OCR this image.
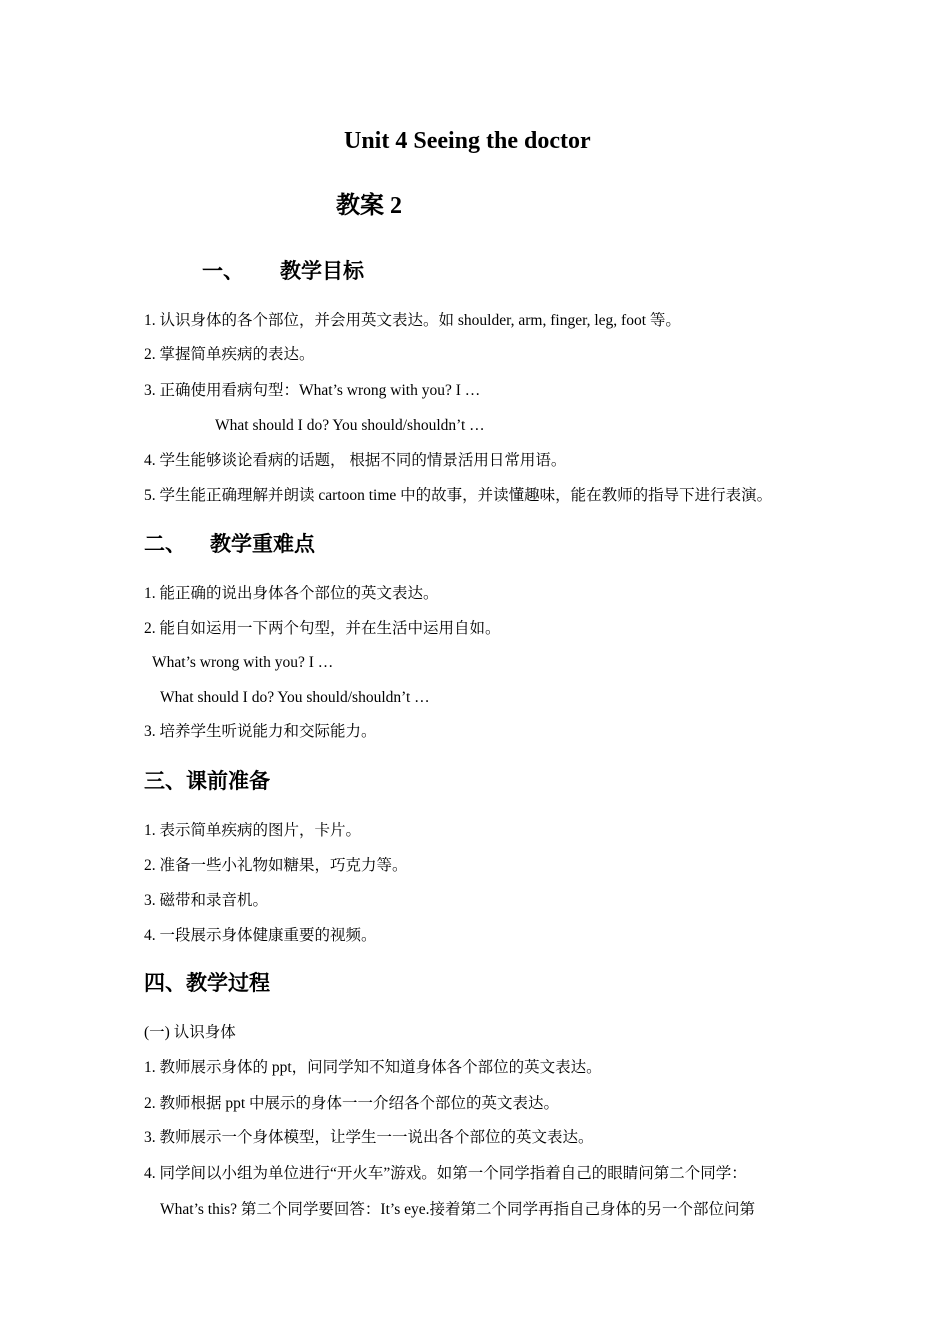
Unit 4 Seeing the doctor
教案 2
一、 教学目标
1. 认识身体的各个部位，并会用英文表达。如 shoulder, arm, finger, leg, foot 等。
2. 掌握简单疾病的表达。
3. 正确使用看病句型：What’s wrong with you? I …
What should I do? You should/shouldn’t …
4. 学生能够谈论看病的话题， 根据不同的情景活用日常用语。
5. 学生能正确理解并朗读 cartoon time 中的故事，并读懂趣味，能在教师的指导下进行表演。
二、 教学重难点
1. 能正确的说出身体各个部位的英文表达。
2. 能自如运用一下两个句型，并在生活中运用自如。
What’s wrong with you? I …
What should I do? You should/shouldn’t …
3. 培养学生听说能力和交际能力。
三、课前准备
1. 表示简单疾病的图片，卡片。
2. 准备一些小礼物如糖果，巧克力等。
3. 磁带和录音机。
4. 一段展示身体健康重要的视频。
四、教学过程
(一) 认识身体
1. 教师展示身体的 ppt，问同学知不知道身体各个部位的英文表达。
2. 教师根据 ppt 中展示的身体一一介绍各个部位的英文表达。
3. 教师展示一个身体模型，让学生一一说出各个部位的英文表达。
4. 同学间以小组为单位进行“开火车”游戏。如第一个同学指着自己的眼睛问第二个同学：
What’s this? 第二个同学要回答：It’s eye.接着第二个同学再指自己身体的另一个部位问第
